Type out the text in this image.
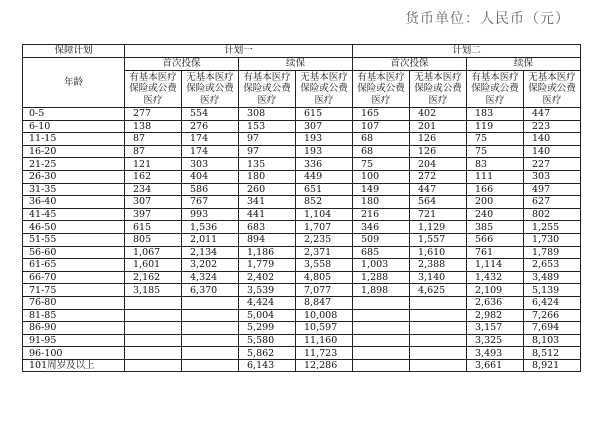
货币单位：人民币（元）
保障计划	计划一				计划二			
年龄	首次投保		续保		首次投保		续保	
	有基本医疗保险或公费医疗	无基本医疗保险或公费医疗	有基本医疗保险或公费医疗	无基本医疗保险或公费医疗	有基本医疗保险或公费医疗	无基本医疗保险或公费医疗	有基本医疗保险或公费医疗	无基本医疗保险或公费医疗
0-5	277	554	308	615	165	402	183	447
6-10	138	276	153	307	107	201	119	223
11-15	87	174	97	193	68	126	75	140
16-20	87	174	97	193	68	126	75	140
21-25	121	303	135	336	75	204	83	227
26-30	162	404	180	449	100	272	111	303
31-35	234	586	260	651	149	447	166	497
36-40	307	767	341	852	180	564	200	627
41-45	397	993	441	1,104	216	721	240	802
46-50	615	1,536	683	1,707	346	1,129	385	1,255
51-55	805	2,011	894	2,235	509	1,557	566	1,730
56-60	1,067	2,134	1,186	2,371	685	1,610	761	1,789
61-65	1,601	3,202	1,779	3,558	1,003	2,388	1,114	2,653
66-70	2,162	4,324	2,402	4,805	1,288	3,140	1,432	3,489
71-75	3,185	6,370	3,539	7,077	1,898	4,625	2,109	5,139
76-80			4,424	8,847			2,636	6,424
81-85			5,004	10,008			2,982	7,266
86-90			5,299	10,597			3,157	7,694
91-95			5,580	11,160			3,325	8,103
96-100			5,862	11,723			3,493	8,512
101周岁及以上			6,143	12,286			3,661	8,921
